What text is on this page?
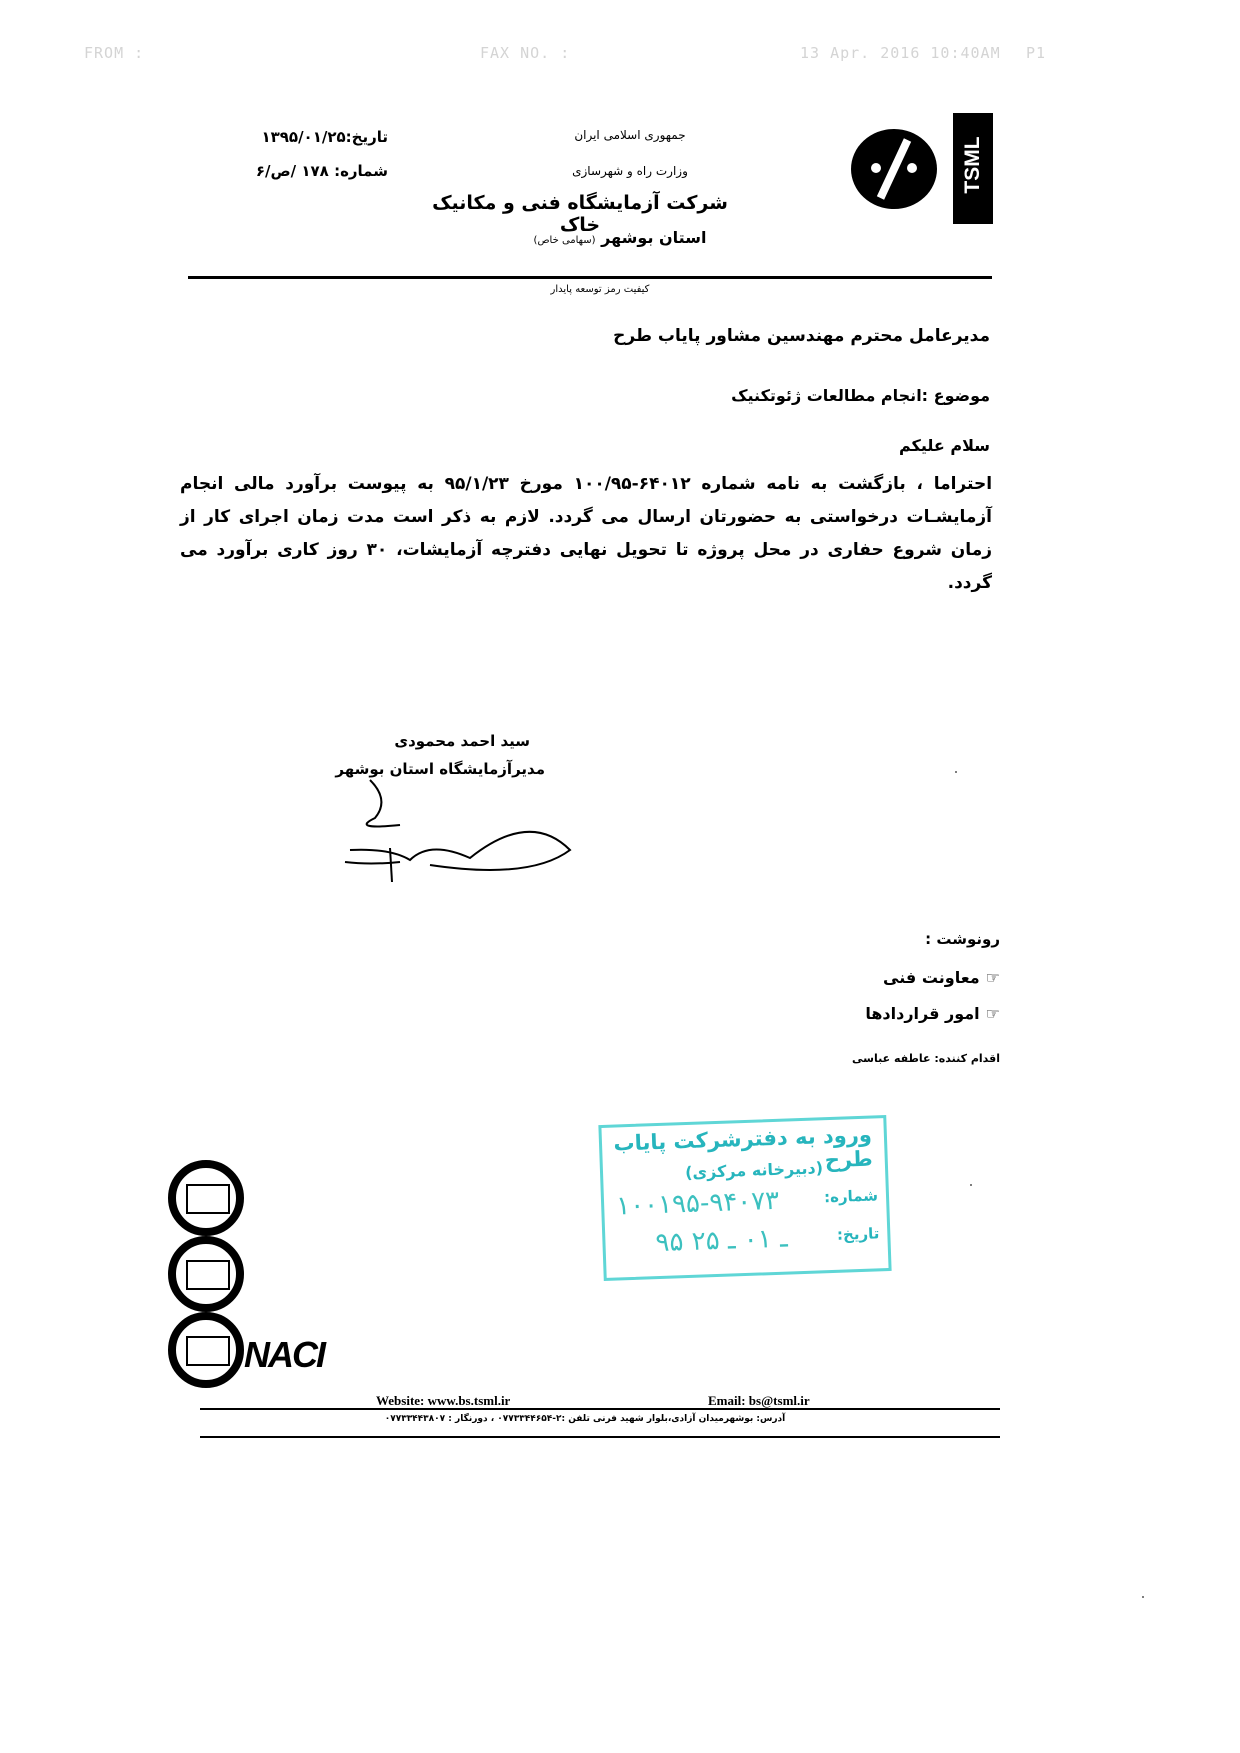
FROM :	FAX NO. :	13 Apr. 2016 10:40AM P1
TSML
جمهوری اسلامی ایران
وزارت راه و شهرسازی
شرکت آزمایشگاه فنی و مکانیک خاک
استان بوشهر (سهامی خاص)
تاریخ:۱۳۹۵/۰۱/۲۵
شماره: ۱۷۸ /ص/۶
کیفیت رمز توسعه پایدار
مدیرعامل محترم مهندسین مشاور پایاب طرح
موضوع :انجام مطالعات ژئوتکنیک
سلام علیکم
احتراما ، بازگشت به نامه شماره ۶۴۰۱۲-۱۰۰/۹۵ مورخ ۹۵/۱/۲۳ به پیوست برآورد مالی انجام آزمایشـات درخواستی به حضورتان ارسال می گردد. لازم به ذکر است مدت زمان اجرای کار از زمان شروع حفاری در محل پروژه تا تحویل نهایی دفترچه آزمایشات، ۳۰ روز کاری برآورد می گردد.
سید احمد محمودی
مدیرآزمایشگاه استان بوشهر
رونوشت :
☞معاونت فنی
☞امور قراردادها
اقدام کننده: عاطفه عباسی
ورود به دفترشرکت پایاب طرح
(دبیرخانه مرکزی)
شماره:
۱۰۰۱۹۵-۹۴۰۷۳
تاریخ:
۹۵ ـ ۰۱ ـ ۲۵
NACI
Website: www.bs.tsml.ir	Email: bs@tsml.ir
آدرس: بوشهرمیدان آزادی،بلوار شهید فرنی تلفن :۲-۰۷۷۳۳۴۴۶۵۴ ، دورنگار : ۰۷۷۳۳۴۴۳۸۰۷
